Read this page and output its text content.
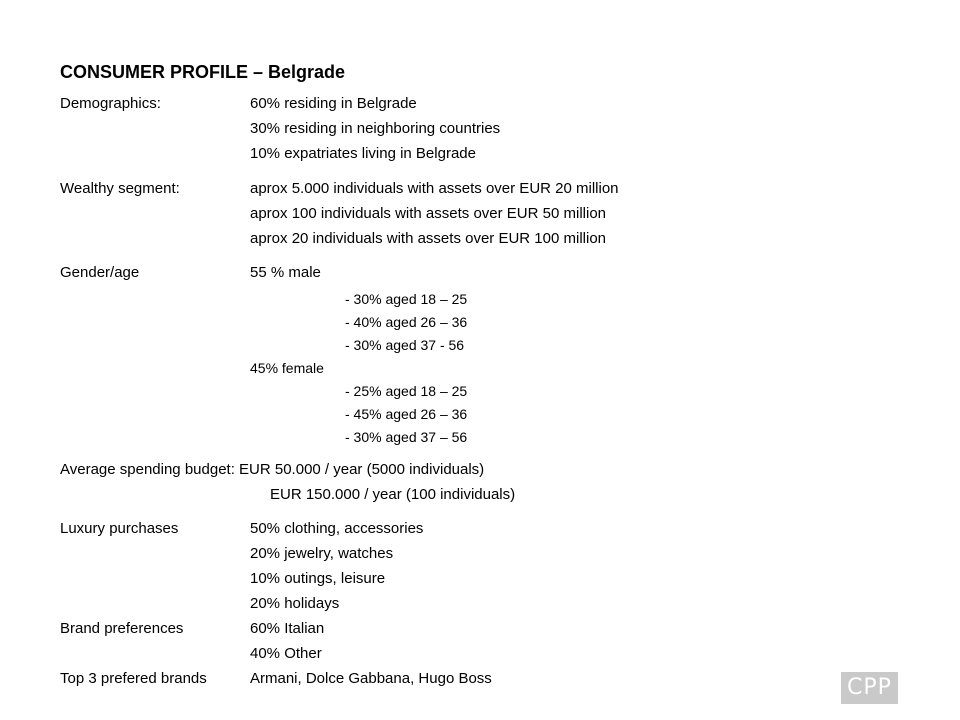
CONSUMER PROFILE – Belgrade
Demographics:	60% residing in Belgrade
30% residing in neighboring countries
10% expatriates living in Belgrade
Wealthy segment:	aprox 5.000 individuals with assets over EUR 20 million
aprox 100 individuals with assets over EUR 50 million
aprox 20 individuals with assets over EUR 100 million
Gender/age	55 % male
- 30% aged 18 – 25
- 40% aged 26 – 36
- 30% aged 37 - 56
45% female
- 25% aged 18 – 25
- 45% aged 26 – 36
- 30% aged 37 – 56
Average spending budget: EUR 50.000 / year (5000 individuals)
EUR 150.000 / year (100 individuals)
Luxury purchases	50% clothing, accessories
20% jewelry, watches
10% outings, leisure
20% holidays
Brand preferences	60% Italian
40% Other
Top 3 prefered brands	Armani, Dolce Gabbana, Hugo Boss	CPP
